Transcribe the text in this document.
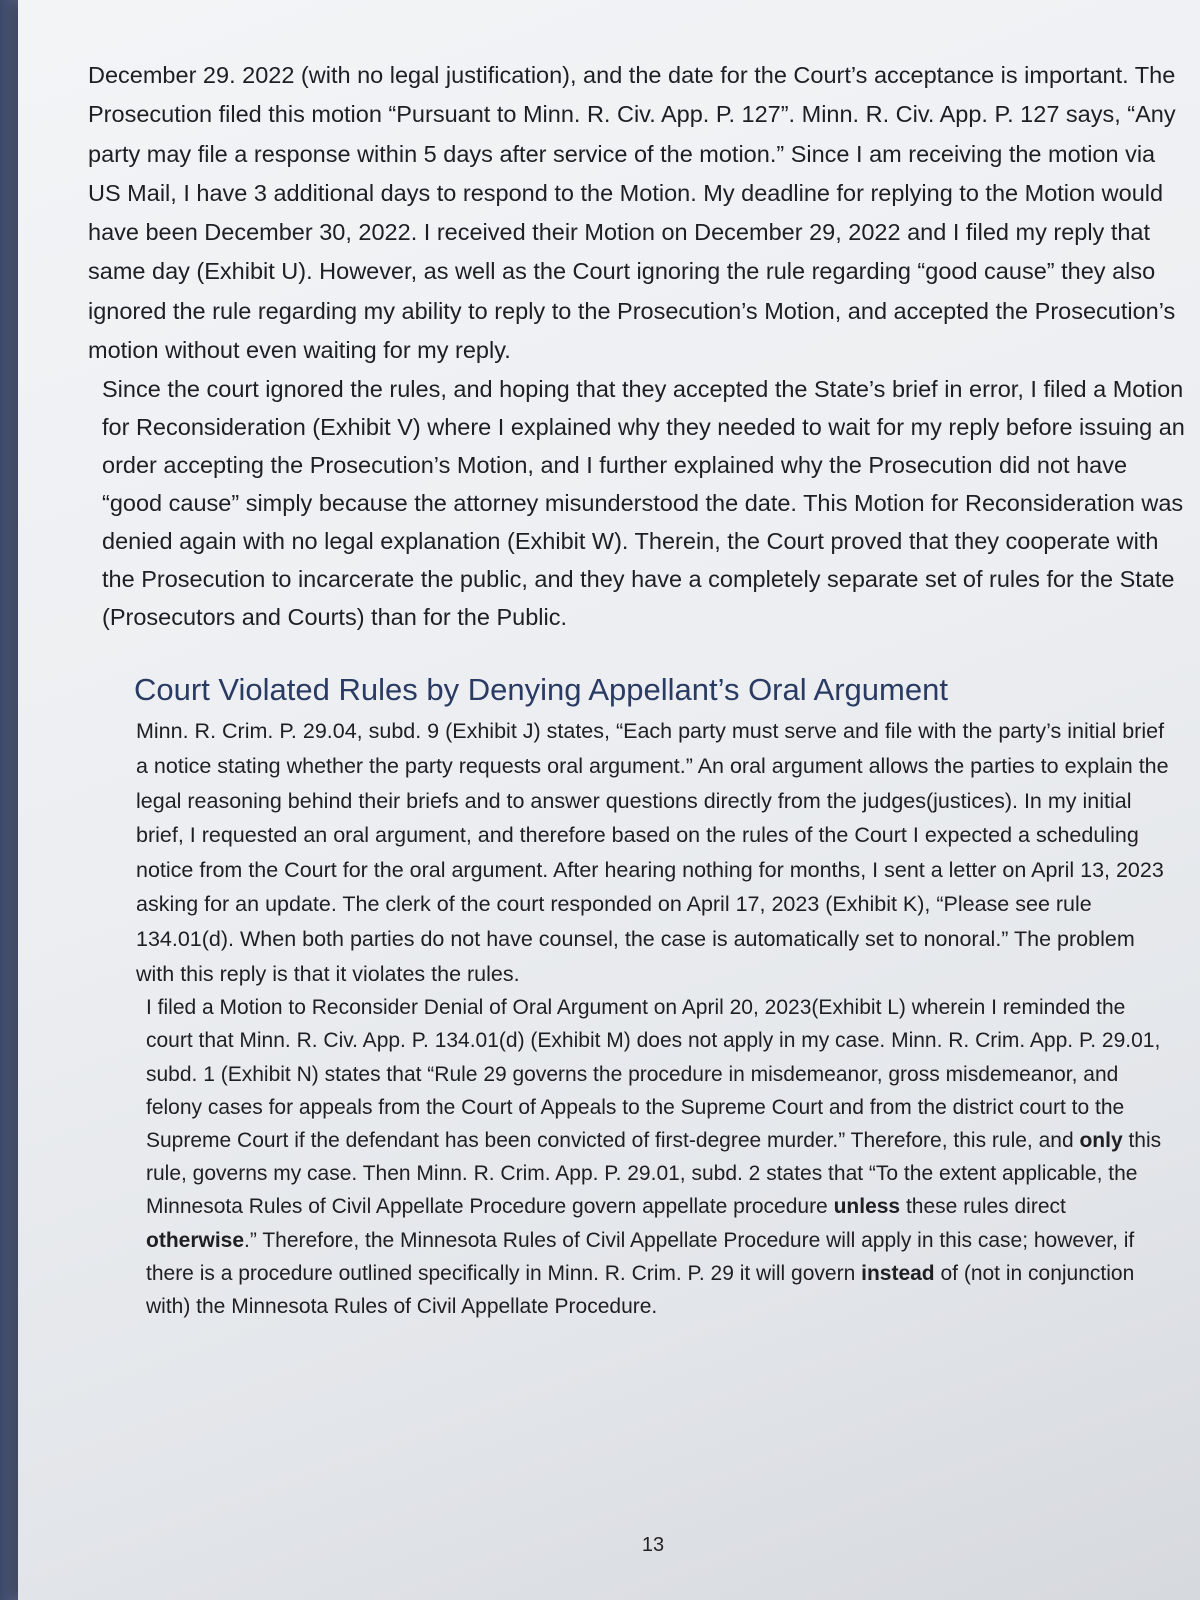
December 29. 2022 (with no legal justification), and the date for the Court’s acceptance is important. The Prosecution filed this motion “Pursuant to Minn. R. Civ. App. P. 127”. Minn. R. Civ. App. P. 127 says, “Any party may file a response within 5 days after service of the motion.” Since I am receiving the motion via US Mail, I have 3 additional days to respond to the Motion. My deadline for replying to the Motion would have been December 30, 2022. I received their Motion on December 29, 2022 and I filed my reply that same day (Exhibit U). However, as well as the Court ignoring the rule regarding “good cause” they also ignored the rule regarding my ability to reply to the Prosecution’s Motion, and accepted the Prosecution’s motion without even waiting for my reply.

Since the court ignored the rules, and hoping that they accepted the State’s brief in error, I filed a Motion for Reconsideration (Exhibit V) where I explained why they needed to wait for my reply before issuing an order accepting the Prosecution’s Motion, and I further explained why the Prosecution did not have “good cause” simply because the attorney misunderstood the date. This Motion for Reconsideration was denied again with no legal explanation (Exhibit W). Therein, the Court proved that they cooperate with the Prosecution to incarcerate the public, and they have a completely separate set of rules for the State (Prosecutors and Courts) than for the Public.

Court Violated Rules by Denying Appellant’s Oral Argument

Minn. R. Crim. P. 29.04, subd. 9 (Exhibit J) states, “Each party must serve and file with the party’s initial brief a notice stating whether the party requests oral argument.” An oral argument allows the parties to explain the legal reasoning behind their briefs and to answer questions directly from the judges(justices). In my initial brief, I requested an oral argument, and therefore based on the rules of the Court I expected a scheduling notice from the Court for the oral argument. After hearing nothing for months, I sent a letter on April 13, 2023 asking for an update. The clerk of the court responded on April 17, 2023 (Exhibit K), “Please see rule 134.01(d). When both parties do not have counsel, the case is automatically set to nonoral.” The problem with this reply is that it violates the rules.

I filed a Motion to Reconsider Denial of Oral Argument on April 20, 2023(Exhibit L) wherein I reminded the court that Minn. R. Civ. App. P. 134.01(d) (Exhibit M) does not apply in my case. Minn. R. Crim. App. P. 29.01, subd. 1 (Exhibit N) states that “Rule 29 governs the procedure in misdemeanor, gross misdemeanor, and felony cases for appeals from the Court of Appeals to the Supreme Court and from the district court to the Supreme Court if the defendant has been convicted of first-degree murder.” Therefore, this rule, and only this rule, governs my case. Then Minn. R. Crim. App. P. 29.01, subd. 2 states that “To the extent applicable, the Minnesota Rules of Civil Appellate Procedure govern appellate procedure unless these rules direct otherwise.” Therefore, the Minnesota Rules of Civil Appellate Procedure will apply in this case; however, if there is a procedure outlined specifically in Minn. R. Crim. P. 29 it will govern instead of (not in conjunction with) the Minnesota Rules of Civil Appellate Procedure.

13
